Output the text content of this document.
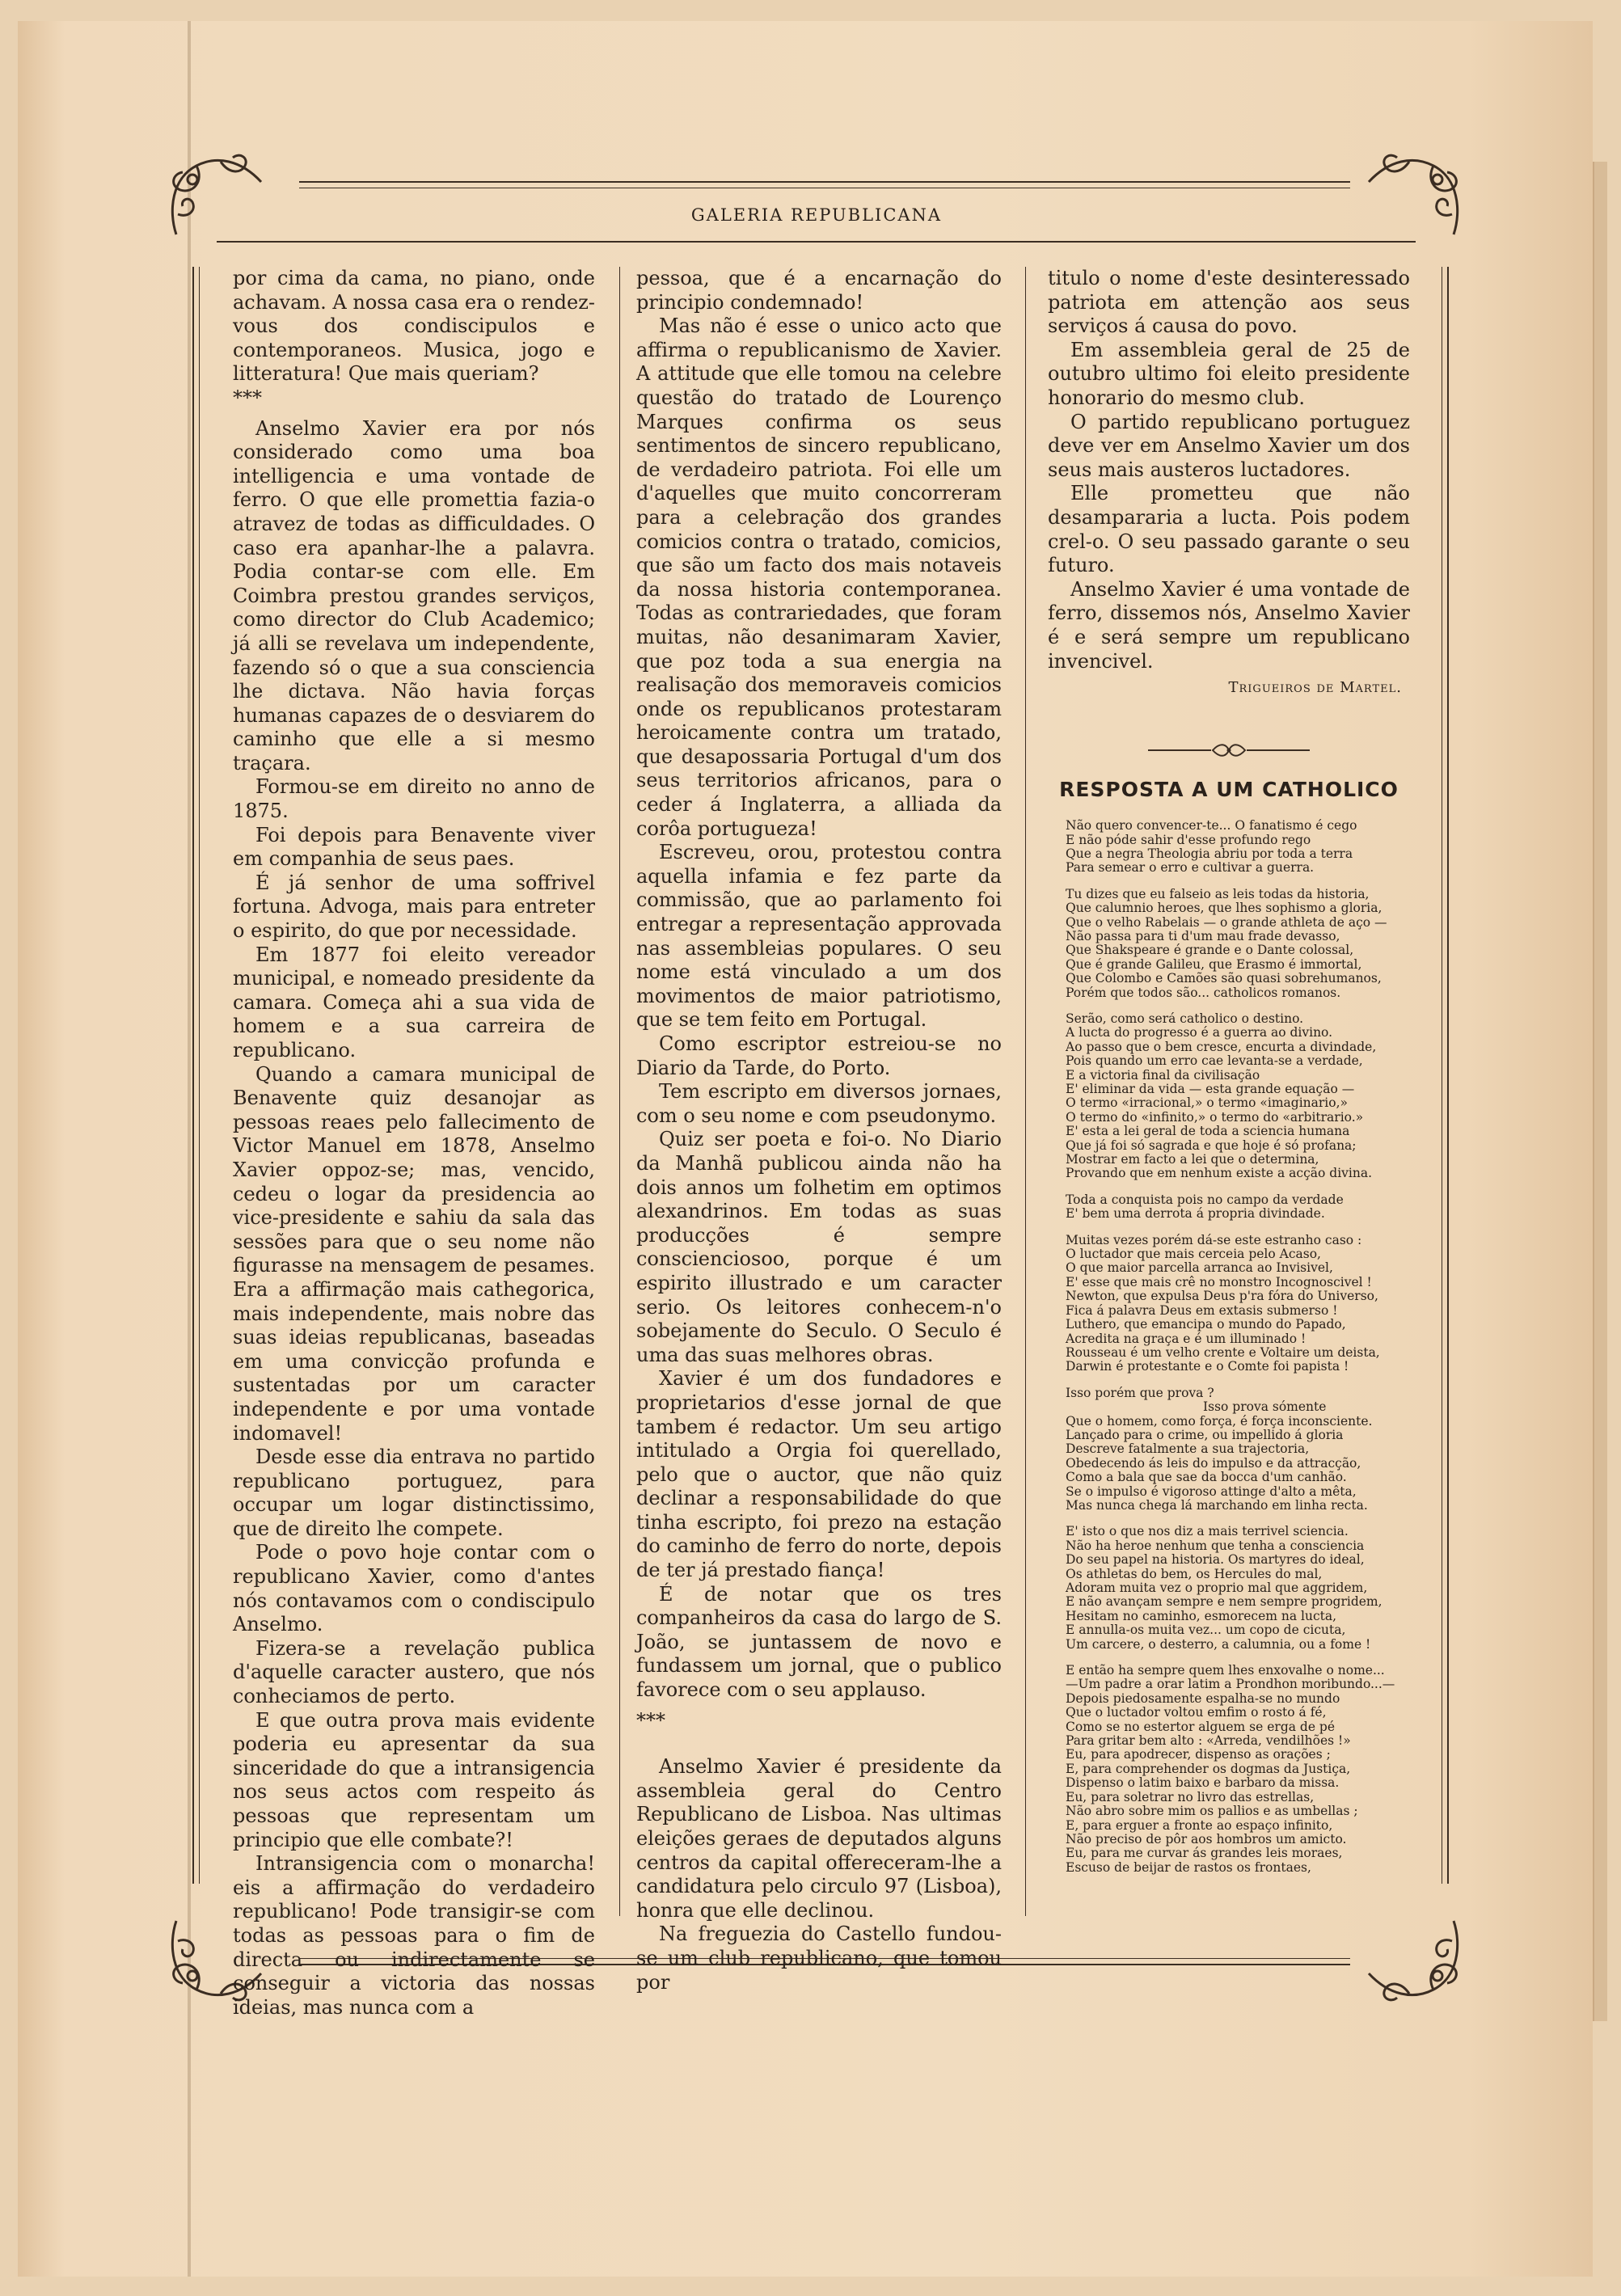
GALERIA REPUBLICANA

por cima da cama, no piano, onde achavam. A nossa casa era o rendez-vous dos condiscipulos e contemporaneos. Musica, jogo e litteratura! Que mais queriam?

***

Anselmo Xavier era por nós considerado como uma boa intelligencia e uma vontade de ferro. O que elle promettia fazia-o atravez de todas as difficuldades. O caso era apanhar-lhe a palavra. Podia contar-se com elle. Em Coimbra prestou grandes serviços, como director do Club Academico; já alli se revelava um independente, fazendo só o que a sua consciencia lhe dictava. Não havia forças humanas capazes de o desviarem do caminho que elle a si mesmo traçara.

Formou-se em direito no anno de 1875.

Foi depois para Benavente viver em companhia de seus paes.

É já senhor de uma soffrivel fortuna. Advoga, mais para entreter o espirito, do que por necessidade.

Em 1877 foi eleito vereador municipal, e nomeado presidente da camara. Começa ahi a sua vida de homem e a sua carreira de republicano.

Quando a camara municipal de Benavente quiz desanojar as pessoas reaes pelo fallecimento de Victor Manuel em 1878, Anselmo Xavier oppoz-se; mas, vencido, cedeu o logar da presidencia ao vice-presidente e sahiu da sala das sessões para que o seu nome não figurasse na mensagem de pesames. Era a affirmação mais cathegorica, mais independente, mais nobre das suas ideias republicanas, baseadas em uma convicção profunda e sustentadas por um caracter independente e por uma vontade indomavel!

Desde esse dia entrava no partido republicano portuguez, para occupar um logar distinctissimo, que de direito lhe compete.

Pode o povo hoje contar com o republicano Xavier, como d'antes nós contavamos com o condiscipulo Anselmo.

Fizera-se a revelação publica d'aquelle caracter austero, que nós conheciamos de perto.

E que outra prova mais evidente poderia eu apresentar da sua sinceridade do que a intransigencia nos seus actos com respeito ás pessoas que representam um principio que elle combate?!

Intransigencia com o monarcha! eis a affirmação do verdadeiro republicano! Pode transigir-se com todas as pessoas para o fim de directa ou indirectamente se conseguir a victoria das nossas ideias, mas nunca com a

pessoa, que é a encarnação do principio condemnado!

Mas não é esse o unico acto que affirma o republicanismo de Xavier. A attitude que elle tomou na celebre questão do tratado de Lourenço Marques confirma os seus sentimentos de sincero republicano, de verdadeiro patriota. Foi elle um d'aquelles que muito concorreram para a celebração dos grandes comicios contra o tratado, comicios, que são um facto dos mais notaveis da nossa historia contemporanea. Todas as contrariedades, que foram muitas, não desanimaram Xavier, que poz toda a sua energia na realisação dos memoraveis comicios onde os republicanos protestaram heroicamente contra um tratado, que desapossaria Portugal d'um dos seus territorios africanos, para o ceder á Inglaterra, a alliada da corôa portugueza!

Escreveu, orou, protestou contra aquella infamia e fez parte da commissão, que ao parlamento foi entregar a representação approvada nas assembleias populares. O seu nome está vinculado a um dos movimentos de maior patriotismo, que se tem feito em Portugal.

Como escriptor estreiou-se no Diario da Tarde, do Porto.

Tem escripto em diversos jornaes, com o seu nome e com pseudonymo.

Quiz ser poeta e foi-o. No Diario da Manhã publicou ainda não ha dois annos um folhetim em optimos alexandrinos. Em todas as suas producções é sempre conscienciosoo, porque é um espirito illustrado e um caracter serio. Os leitores conhecem-n'o sobejamente do Seculo. O Seculo é uma das suas melhores obras.

Xavier é um dos fundadores e proprietarios d'esse jornal de que tambem é redactor. Um seu artigo intitulado a Orgia foi querellado, pelo que o auctor, que não quiz declinar a responsabilidade do que tinha escripto, foi prezo na estação do caminho de ferro do norte, depois de ter já prestado fiança!

É de notar que os tres companheiros da casa do largo de S. João, se juntassem de novo e fundassem um jornal, que o publico favorece com o seu applauso.

***

Anselmo Xavier é presidente da assembleia geral do Centro Republicano de Lisboa. Nas ultimas eleições geraes de deputados alguns centros da capital offereceram-lhe a candidatura pelo circulo 97 (Lisboa), honra que elle declinou.

Na freguezia do Castello fundou-se um club republicano, que tomou por

titulo o nome d'este desinteressado patriota em attenção aos seus serviços á causa do povo.

Em assembleia geral de 25 de outubro ultimo foi eleito presidente honorario do mesmo club.

O partido republicano portuguez deve ver em Anselmo Xavier um dos seus mais austeros luctadores.

Elle prometteu que não desampararia a lucta. Pois podem crel-o. O seu passado garante o seu futuro.

Anselmo Xavier é uma vontade de ferro, dissemos nós, Anselmo Xavier é e será sempre um republicano invencivel.

Trigueiros de Martel.
RESPOSTA A UM CATHOLICO

Não quero convencer-te... O fanatismo é cego

E não póde sahir d'esse profundo rego

Que a negra Theologia abriu por toda a terra

Para semear o erro e cultivar a guerra.

Tu dizes que eu falseio as leis todas da historia,

Que calumnio heroes, que lhes sophismo a gloria,

Que o velho Rabelais — o grande athleta de aço —

Não passa para ti d'um mau frade devasso,

Que Shakspeare é grande e o Dante colossal,

Que é grande Galileu, que Erasmo é immortal,

Que Colombo e Camões são quasi sobrehumanos,

Porém que todos são... catholicos romanos.

Serão, como será catholico o destino.

A lucta do progresso é a guerra ao divino.

Ao passo que o bem cresce, encurta a divindade,

Pois quando um erro cae levanta-se a verdade,

E a victoria final da civilisação

E' eliminar da vida — esta grande equação —

O termo «irracional,» o termo «imaginario,»

O termo do «infinito,» o termo do «arbitrario.»

E' esta a lei geral de toda a sciencia humana

Que já foi só sagrada e que hoje é só profana;

Mostrar em facto a lei que o determina,

Provando que em nenhum existe a acção divina.

Toda a conquista pois no campo da verdade

E' bem uma derrota á propria divindade.

Muitas vezes porém dá-se este estranho caso :

O luctador que mais cerceia pelo Acaso,

O que maior parcella arranca ao Invisivel,

E' esse que mais crê no monstro Incognoscivel !

Newton, que expulsa Deus p'ra fóra do Universo,

Fica á palavra Deus em extasis submerso !

Luthero, que emancipa o mundo do Papado,

Acredita na graça e é um illuminado !

Rousseau é um velho crente e Voltaire um deista,

Darwin é protestante e o Comte foi papista !

Isso porém que prova ?

Isso prova sómente

Que o homem, como força, é força inconsciente.

Lançado para o crime, ou impellido á gloria

Descreve fatalmente a sua trajectoria,

Obedecendo ás leis do impulso e da attracção,

Como a bala que sae da bocca d'um canhão.

Se o impulso é vigoroso attinge d'alto a mêta,

Mas nunca chega lá marchando em linha recta.

E' isto o que nos diz a mais terrivel sciencia.

Não ha heroe nenhum que tenha a consciencia

Do seu papel na historia. Os martyres do ideal,

Os athletas do bem, os Hercules do mal,

Adoram muita vez o proprio mal que aggridem,

E não avançam sempre e nem sempre progridem,

Hesitam no caminho, esmorecem na lucta,

E annulla-os muita vez... um copo de cicuta,

Um carcere, o desterro, a calumnia, ou a fome !

E então ha sempre quem lhes enxovalhe o nome...

—Um padre a orar latim a Prondhon moribundo...—

Depois piedosamente espalha-se no mundo

Que o luctador voltou emfim o rosto á fé,

Como se no estertor alguem se erga de pé

Para gritar bem alto : «Arreda, vendilhões !»

Eu, para apodrecer, dispenso as orações ;

E, para comprehender os dogmas da Justiça,

Dispenso o latim baixo e barbaro da missa.

Eu, para soletrar no livro das estrellas,

Não abro sobre mim os pallios e as umbellas ;

E, para erguer a fronte ao espaço infinito,

Não preciso de pôr aos hombros um amicto.

Eu, para me curvar ás grandes leis moraes,

Escuso de beijar de rastos os frontaes,
